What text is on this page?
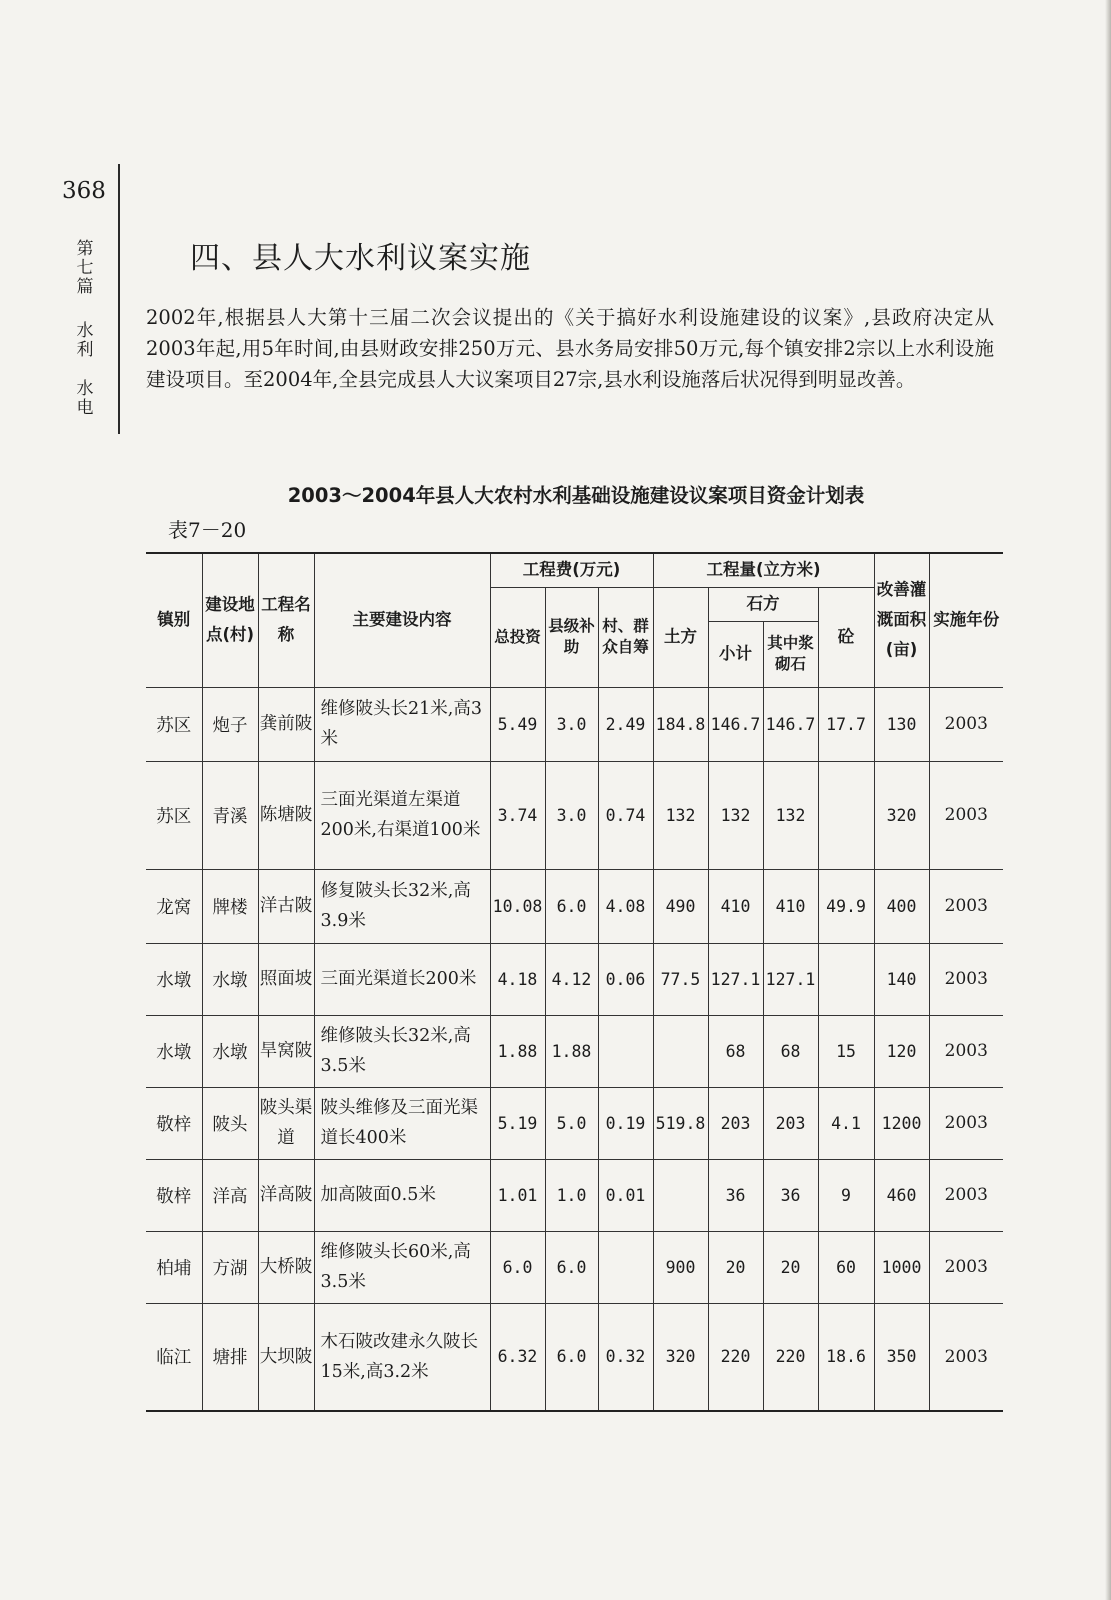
368
第七篇
水利
水电
四、县人大水利议案实施

2002年,根据县人大第十三届二次会议提出的《关于搞好水利设施建设的议案》,县政府决定从2003年起,用5年时间,由县财政安排250万元、县水务局安排50万元,每个镇安排2宗以上水利设施建设项目。至2004年,全县完成县人大议案项目27宗,县水利设施落后状况得到明显改善。

2003～2004年县人大农村水利基础设施建设议案项目资金计划表

表7－20
镇别	建设地点(村)	工程名称	主要建设内容	工程费(万元)			工程量(立方米)				改善灌溉面积(亩)	实施年份
				总投资	县级补助	村、群众自筹	土方	石方		砼		
								小计	其中浆砌石			
苏区	炮子	龚前陂	维修陂头长21米,高3米	5.49	3.0	2.49	184.8	146.7	146.7	17.7	130	2003
苏区	青溪	陈塘陂	三面光渠道左渠道200米,右渠道100米	3.74	3.0	0.74	132	132	132		320	2003
龙窝	牌楼	洋古陂	修复陂头长32米,高3.9米	10.08	6.0	4.08	490	410	410	49.9	400	2003
水墩	水墩	照面坡	三面光渠道长200米	4.18	4.12	0.06	77.5	127.1	127.1		140	2003
水墩	水墩	旱窝陂	维修陂头长32米,高3.5米	1.88	1.88			68	68	15	120	2003
敬梓	陂头	陂头渠道	陂头维修及三面光渠道长400米	5.19	5.0	0.19	519.8	203	203	4.1	1200	2003
敬梓	洋高	洋高陂	加高陂面0.5米	1.01	1.0	0.01		36	36	9	460	2003
柏埔	方湖	大桥陂	维修陂头长60米,高3.5米	6.0	6.0		900	20	20	60	1000	2003
临江	塘排	大坝陂	木石陂改建永久陂长15米,高3.2米	6.32	6.0	0.32	320	220	220	18.6	350	2003
